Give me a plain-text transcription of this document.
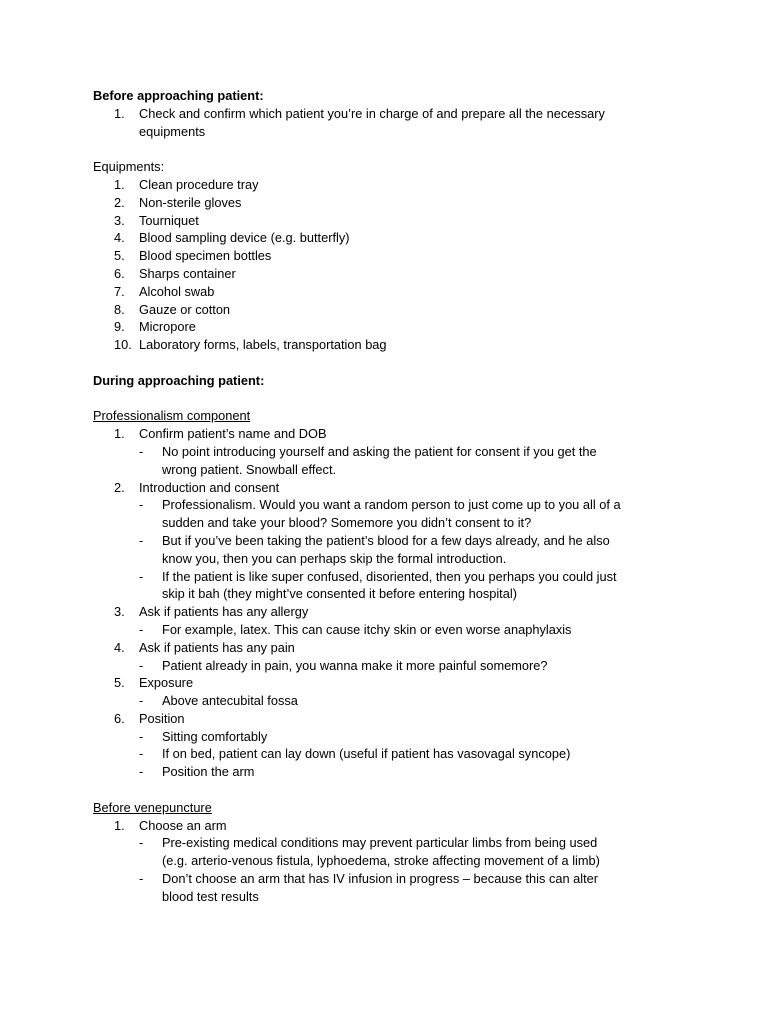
Before approaching patient:
1. Check and confirm which patient you’re in charge of and prepare all the necessary
equipments
Equipments:
1. Clean procedure tray
2. Non-sterile gloves
3. Tourniquet
4. Blood sampling device (e.g. butterfly)
5. Blood specimen bottles
6. Sharps container
7. Alcohol swab
8. Gauze or cotton
9. Micropore
10. Laboratory forms, labels, transportation bag
During approaching patient:
Professionalism component
1. Confirm patient’s name and DOB
- No point introducing yourself and asking the patient for consent if you get the
wrong patient. Snowball effect.
2. Introduction and consent
- Professionalism. Would you want a random person to just come up to you all of a
sudden and take your blood? Somemore you didn’t consent to it?
- But if you’ve been taking the patient’s blood for a few days already, and he also
know you, then you can perhaps skip the formal introduction.
- If the patient is like super confused, disoriented, then you perhaps you could just
skip it bah (they might’ve consented it before entering hospital)
3. Ask if patients has any allergy
- For example, latex. This can cause itchy skin or even worse anaphylaxis
4. Ask if patients has any pain
- Patient already in pain, you wanna make it more painful somemore?
5. Exposure
- Above antecubital fossa
6. Position
- Sitting comfortably
- If on bed, patient can lay down (useful if patient has vasovagal syncope)
- Position the arm
Before venepuncture
1. Choose an arm
- Pre-existing medical conditions may prevent particular limbs from being used
(e.g. arterio-venous fistula, lyphoedema, stroke affecting movement of a limb)
- Don’t choose an arm that has IV infusion in progress – because this can alter
blood test results
